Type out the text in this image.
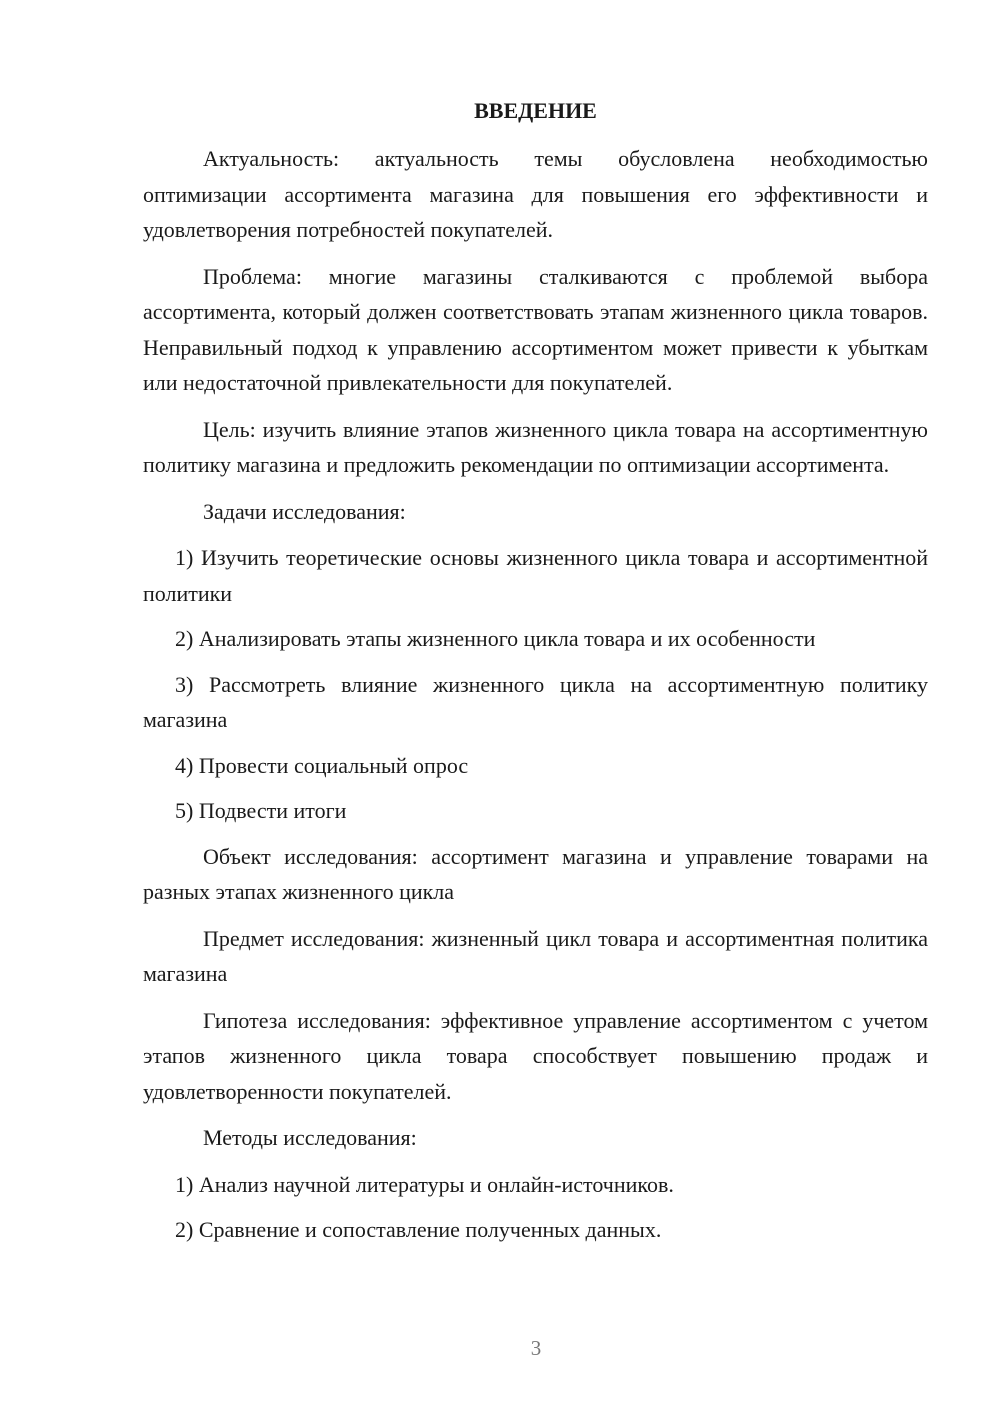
ВВЕДЕНИЕ

Актуальность: актуальность темы обусловлена необходимостью оптимизации ассортимента магазина для повышения его эффективности и удовлетворения потребностей покупателей.

Проблема: многие магазины сталкиваются с проблемой выбора ассортимента, который должен соответствовать этапам жизненного цикла товаров. Неправильный подход к управлению ассортиментом может привести к убыткам или недостаточной привлекательности для покупателей.

Цель: изучить влияние этапов жизненного цикла товара на ассортиментную политику магазина и предложить рекомендации по оптимизации ассортимента.

Задачи исследования:

1) Изучить теоретические основы жизненного цикла товара и ассортиментной политики

2) Анализировать этапы жизненного цикла товара и их особенности

3) Рассмотреть влияние жизненного цикла на ассортиментную политику магазина

4) Провести социальный опрос

5) Подвести итоги

Объект исследования: ассортимент магазина и управление товарами на разных этапах жизненного цикла

Предмет исследования: жизненный цикл товара и ассортиментная политика магазина

Гипотеза исследования: эффективное управление ассортиментом с учетом этапов жизненного цикла товара способствует повышению продаж и удовлетворенности покупателей.

Методы исследования:

1) Анализ научной литературы и онлайн-источников.

2) Сравнение и сопоставление полученных данных.

3
